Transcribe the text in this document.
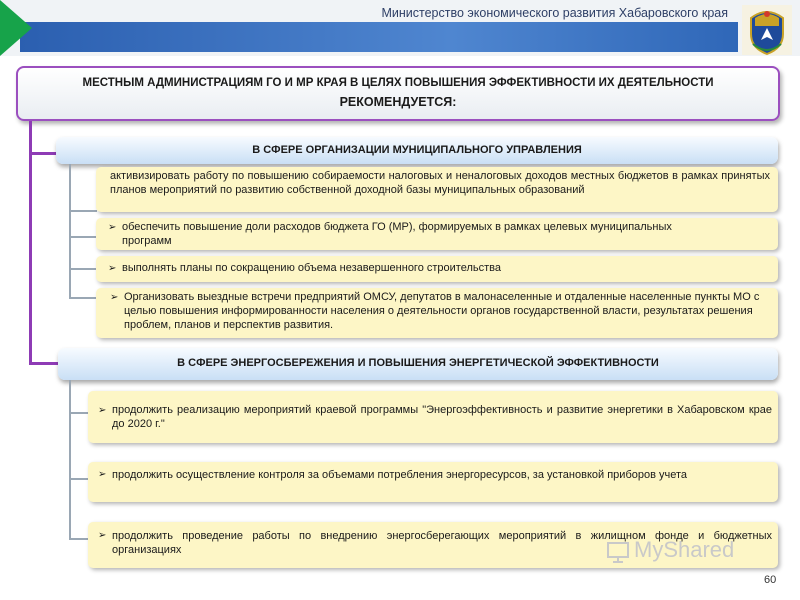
Министерство экономического развития Хабаровского края
МЕСТНЫМ АДМИНИСТРАЦИЯМ ГО И МР КРАЯ В ЦЕЛЯХ ПОВЫШЕНИЯ ЭФФЕКТИВНОСТИ ИХ ДЕЯТЕЛЬНОСТИ
РЕКОМЕНДУЕТСЯ:
В СФЕРЕ ОРГАНИЗАЦИИ МУНИЦИПАЛЬНОГО УПРАВЛЕНИЯ
активизировать работу по повышению собираемости налоговых и неналоговых доходов местных бюджетов в рамках принятых планов мероприятий по развитию собственной доходной базы муниципальных образований
➢ обеспечить повышение доли расходов бюджета ГО (МР), формируемых в рамках целевых муниципальных программ
➢ выполнять планы по сокращению объема незавершенного строительства
➢ Организовать выездные встречи предприятий ОМСУ, депутатов в малонаселенные и отдаленные населенные пункты МО с целью повышения информированности населения о деятельности органов государственной власти, результатах решения проблем, планов и перспектив развития.
В СФЕРЕ ЭНЕРГОСБЕРЕЖЕНИЯ И ПОВЫШЕНИЯ ЭНЕРГЕТИЧЕСКОЙ ЭФФЕКТИВНОСТИ
➢ продолжить реализацию мероприятий краевой программы "Энергоэффективность и развитие энергетики в Хабаровском крае до 2020 г."
➢ продолжить осуществление контроля за объемами потребления энергоресурсов, за установкой приборов учета
➢ продолжить проведение работы по внедрению энергосберегающих мероприятий в жилищном фонде и бюджетных организациях	MyShared
60
